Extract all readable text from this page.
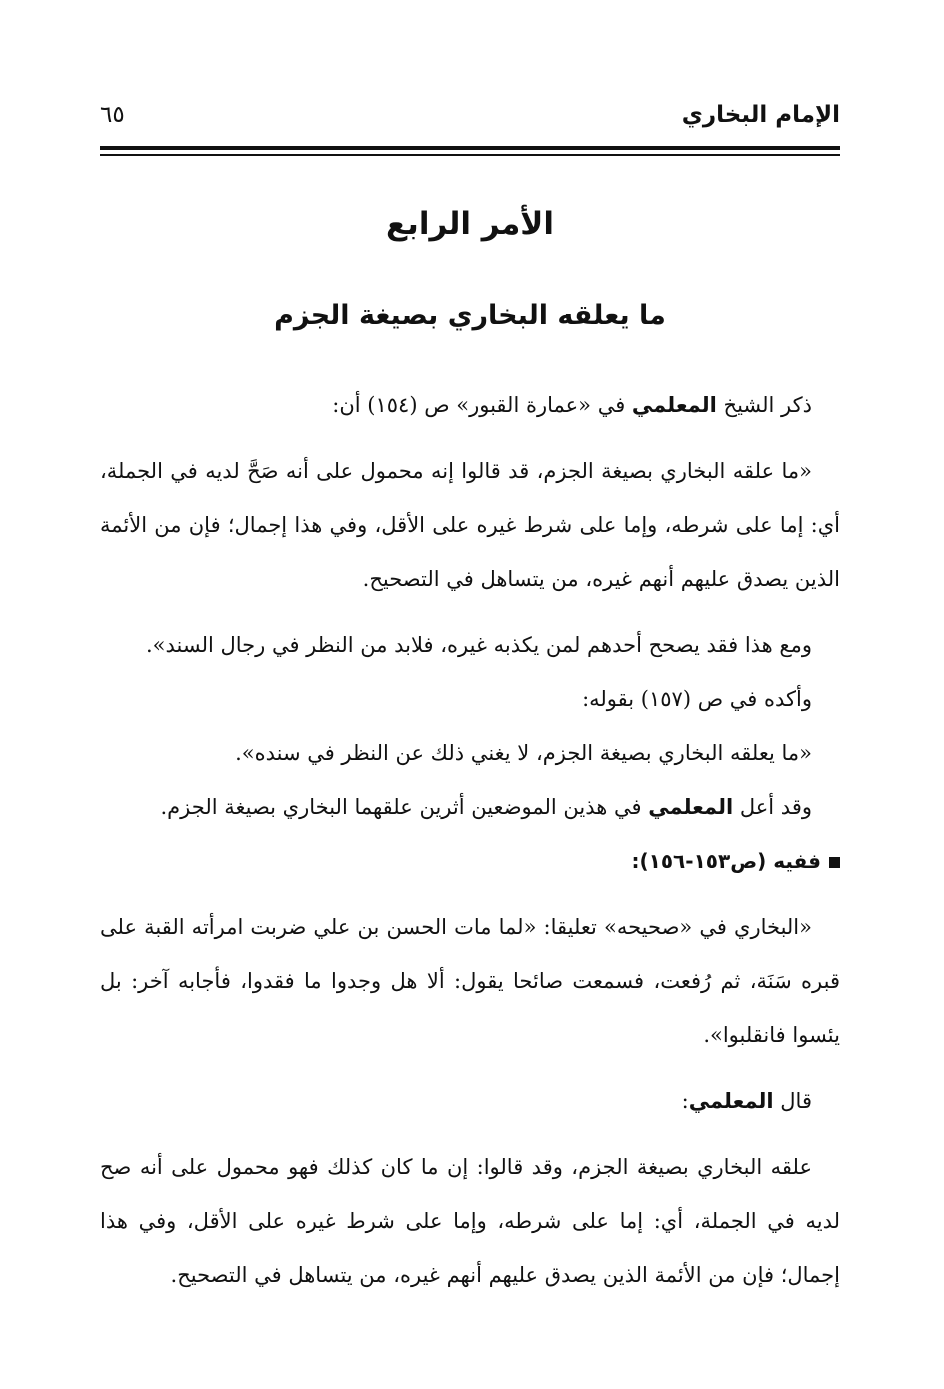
الإمام البخاري
٦٥
الأمر الرابع
ما يعلقه البخاري بصيغة الجزم

ذكر الشيخ المعلمي في «عمارة القبور» ص (١٥٤) أن:

«ما علقه البخاري بصيغة الجزم، قد قالوا إنه محمول على أنه صَحَّ لديه في الجملة، أي: إما على شرطه، وإما على شرط غيره على الأقل، وفي هذا إجمال؛ فإن من الأئمة الذين يصدق عليهم أنهم غيره، من يتساهل في التصحيح.

ومع هذا فقد يصحح أحدهم لمن يكذبه غيره، فلابد من النظر في رجال السند».

وأكده في ص (١٥٧) بقوله:

«ما يعلقه البخاري بصيغة الجزم، لا يغني ذلك عن النظر في سنده».

وقد أعل المعلمي في هذين الموضعين أثرين علقهما البخاري بصيغة الجزم.

ففيه (ص١٥٣-١٥٦):

«البخاري في «صحيحه» تعليقا: «لما مات الحسن بن علي ضربت امرأته القبة على قبره سَنَة، ثم رُفعت، فسمعت صائحا يقول: ألا هل وجدوا ما فقدوا، فأجابه آخر: بل يئسوا فانقلبوا».

قال المعلمي:

علقه البخاري بصيغة الجزم، وقد قالوا: إن ما كان كذلك فهو محمول على أنه صح لديه في الجملة، أي: إما على شرطه، وإما على شرط غيره على الأقل، وفي هذا إجمال؛ فإن من الأئمة الذين يصدق عليهم أنهم غيره، من يتساهل في التصحيح.
